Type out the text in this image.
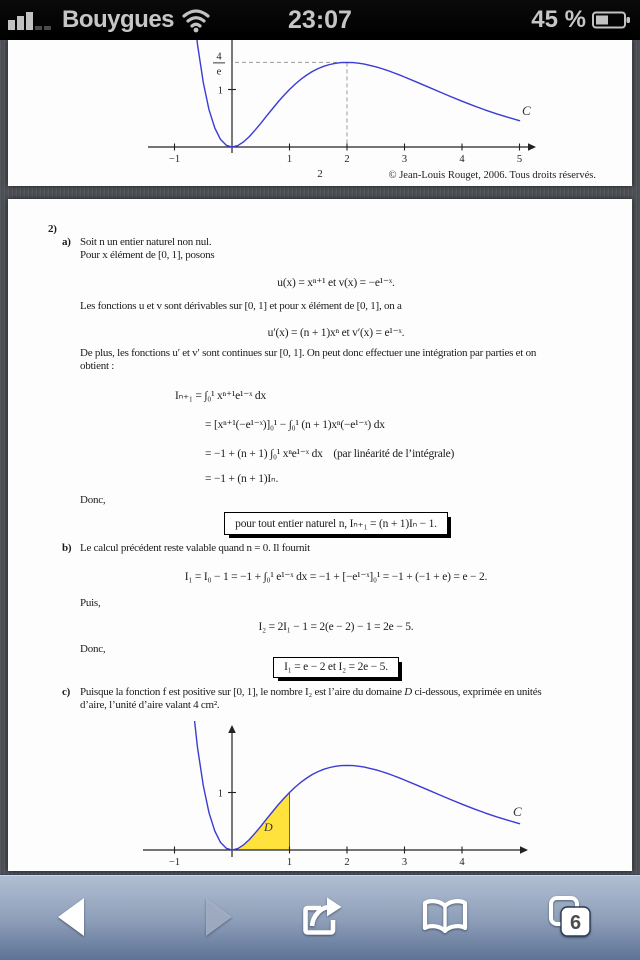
Bouygues	23:07	45 %
−1	1	2	3	4	5
1
4
e
C
2	© Jean-Louis Rouget, 2006. Tous droits réservés.
2)
a) Soit n un entier naturel non nul.
Pour x élément de [0, 1], posons
u(x) = xⁿ⁺¹ et v(x) = −e¹⁻ˣ.
Les fonctions u et v sont dérivables sur [0, 1] et pour x élément de [0, 1], on a
u′(x) = (n + 1)xⁿ et v′(x) = e¹⁻ˣ.
De plus, les fonctions u′ et v′ sont continues sur [0, 1]. On peut donc effectuer une intégration par parties et on
obtient :
Iₙ₊₁ = ∫₀¹ xⁿ⁺¹e¹⁻ˣ dx
= [xⁿ⁺¹(−e¹⁻ˣ)]₀¹ − ∫₀¹ (n + 1)xⁿ(−e¹⁻ˣ) dx
= −1 + (n + 1) ∫₀¹ xⁿe¹⁻ˣ dx    (par linéarité de l’intégrale)
= −1 + (n + 1)Iₙ.
Donc,
pour tout entier naturel n, Iₙ₊₁ = (n + 1)Iₙ − 1.
b) Le calcul précédent reste valable quand n = 0. Il fournit
I₁ = I₀ − 1 = −1 + ∫₀¹ e¹⁻ˣ dx = −1 + [−e¹⁻ˣ]₀¹ = −1 + (−1 + e) = e − 2.
Puis,
I₂ = 2I₁ − 1 = 2(e − 2) − 1 = 2e − 5.
Donc,
I₁ = e − 2 et I₂ = 2e − 5.
c) Puisque la fonction f est positive sur [0, 1], le nombre I₂ est l’aire du domaine D ci-dessous, exprimée en unités
d’aire, l’unité d’aire valant 4 cm².
−1	1	2	3	4
1
C
D
6
